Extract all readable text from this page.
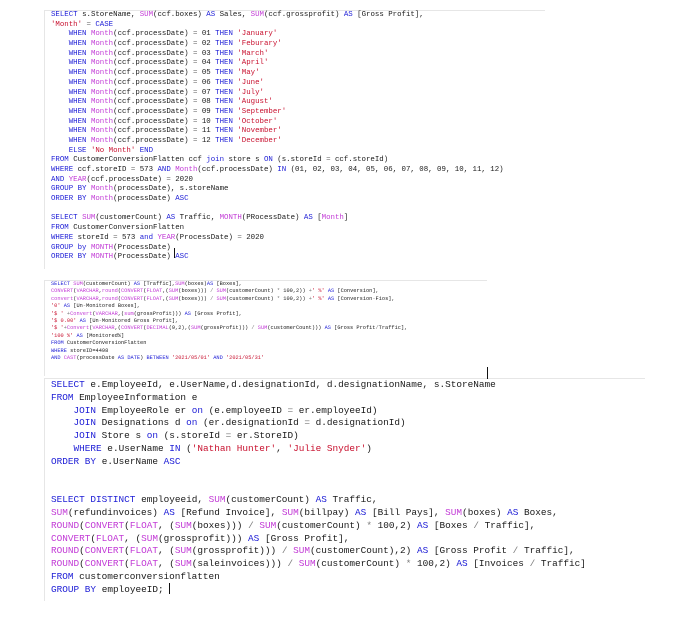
SELECT s.StoreName, SUM(ccf.boxes) AS Sales, SUM(ccf.grossprofit) AS [Gross Profit],
'Month' = CASE
WHEN Month(ccf.processDate) = 01 THEN 'January'
WHEN Month(ccf.processDate) = 02 THEN 'Feburary'
WHEN Month(ccf.processDate) = 03 THEN 'March'
WHEN Month(ccf.processDate) = 04 THEN 'April'
WHEN Month(ccf.processDate) = 05 THEN 'May'
WHEN Month(ccf.processDate) = 06 THEN 'June'
WHEN Month(ccf.processDate) = 07 THEN 'July'
WHEN Month(ccf.processDate) = 08 THEN 'August'
WHEN Month(ccf.processDate) = 09 THEN 'September'
WHEN Month(ccf.processDate) = 10 THEN 'October'
WHEN Month(ccf.processDate) = 11 THEN 'November'
WHEN Month(ccf.processDate) = 12 THEN 'December'
ELSE 'No Month' END
FROM CustomerConversionFlatten ccf join store s ON (s.storeId = ccf.storeId)
WHERE ccf.storeID = 573 AND Month(ccf.processDate) IN (01, 02, 03, 04, 05, 06, 07, 08, 09, 10, 11, 12)
AND YEAR(ccf.processDate) = 2020
GROUP BY Month(processDate), s.storeName
ORDER BY Month(processDate) ASC
SELECT SUM(customerCount) AS Traffic, MONTH(PRocessDate) AS [Month]
FROM CustomerConversionFlatten
WHERE storeId = 573 and YEAR(ProcessDate) = 2020
GROUP by MONTH(ProcessDate)
ORDER BY MONTH(ProcessDate) ASC
SELECT SUM(customerCount) AS [Traffic],SUM(boxes)AS [Boxes],
CONVERT(VARCHAR,round(CONVERT(FLOAT,(SUM(boxes))) / SUM(customerCount) * 100,2)) +' %' AS [Conversion],
convert(VARCHAR,round(CONVERT(FLOAT,(SUM(boxes))) / SUM(customerCount) * 100,2)) +' %' AS [Conversion-Fios],
'0' AS [Un-Monitored Boxes],
'$ ' +Convert(VARCHAR,(sum(grossProfit))) AS [Gross Profit],
'$ 0.00' AS [Un-Monitored Gross Profit],
'$ '+Convert(VARCHAR,(CONVERT(DECIMAL(9,2),(SUM(grossProfit))) / SUM(customerCount))) AS [Gross Profit/Traffic],
'100 %' AS [Monitored%]
FROM CustomerConversionFlatten
WHERE storeID=4498
AND CAST(processDate AS DATE) BETWEEN '2021/05/01' AND '2021/05/31'
SELECT e.EmployeeId, e.UserName,d.designationId, d.designationName, s.StoreName
FROM EmployeeInformation e
JOIN EmployeeRole er on (e.employeeID = er.employeeId)
JOIN Designations d on (er.designationId = d.designationId)
JOIN Store s on (s.storeId = er.StoreID)
WHERE e.UserName IN ('Nathan Hunter', 'Julie Snyder')
ORDER BY e.UserName ASC
SELECT DISTINCT employeeid, SUM(customerCount) AS Traffic,
SUM(refundinvoices) AS [Refund Invoice], SUM(billpay) AS [Bill Pays], SUM(boxes) AS Boxes,
ROUND(CONVERT(FLOAT, (SUM(boxes))) / SUM(customerCount) * 100,2) AS [Boxes / Traffic],
CONVERT(FLOAT, (SUM(grossprofit))) AS [Gross Profit],
ROUND(CONVERT(FLOAT, (SUM(grossprofit))) / SUM(customerCount),2) AS [Gross Profit / Traffic],
ROUND(CONVERT(FLOAT, (SUM(saleinvoices))) / SUM(customerCount) * 100,2) AS [Invoices / Traffic]
FROM customerconversionflatten
GROUP BY employeeID;
